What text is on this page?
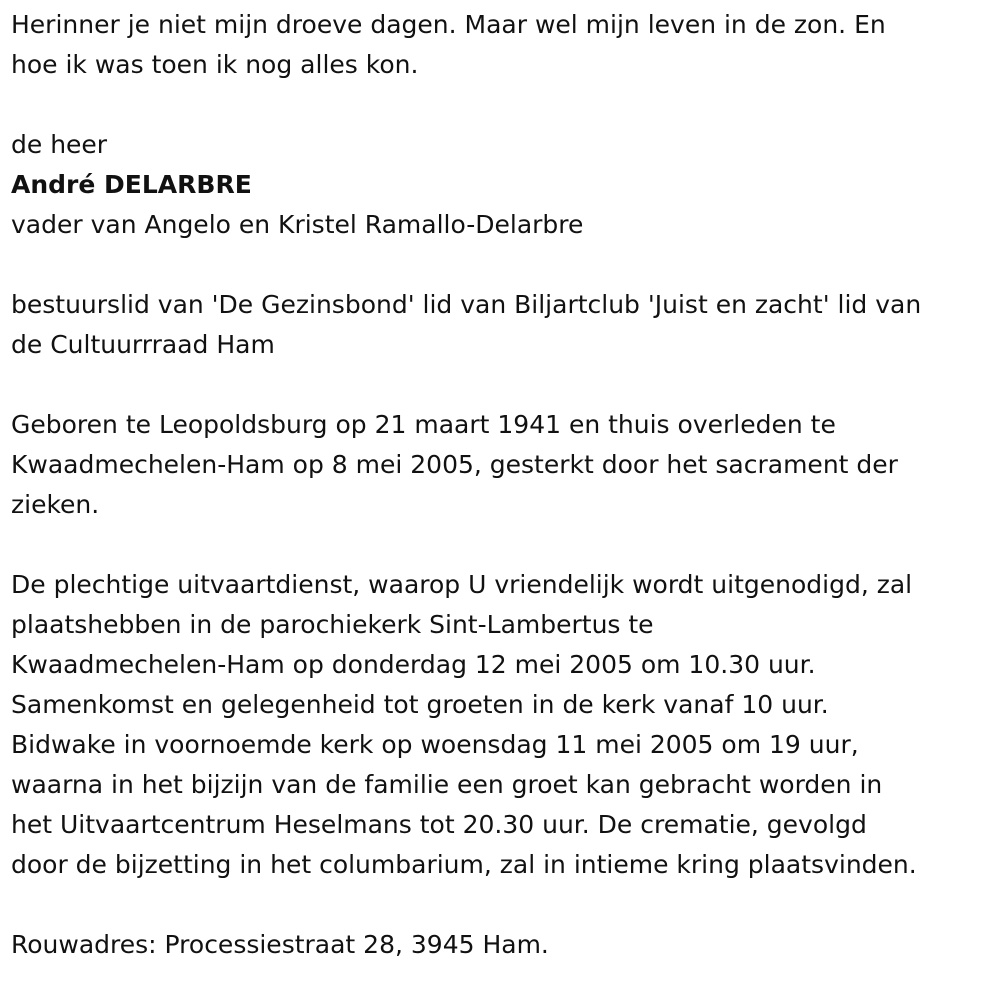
Herinner je niet mijn droeve dagen. Maar wel mijn leven in de zon. En
hoe ik was toen ik nog alles kon.

de heer

André DELARBRE

vader van Angelo en Kristel Ramallo-Delarbre

bestuurslid van 'De Gezinsbond' lid van Biljartclub 'Juist en zacht' lid van
de Cultuurrraad Ham

Geboren te Leopoldsburg op 21 maart 1941 en thuis overleden te
Kwaadmechelen-Ham op 8 mei 2005, gesterkt door het sacrament der
zieken.

De plechtige uitvaartdienst, waarop U vriendelijk wordt uitgenodigd, zal
plaatshebben in de parochiekerk Sint-Lambertus te
Kwaadmechelen-Ham op donderdag 12 mei 2005 om 10.30 uur.
Samenkomst en gelegenheid tot groeten in de kerk vanaf 10 uur.
Bidwake in voornoemde kerk op woensdag 11 mei 2005 om 19 uur,
waarna in het bijzijn van de familie een groet kan gebracht worden in
het Uitvaartcentrum Heselmans tot 20.30 uur. De crematie, gevolgd
door de bijzetting in het columbarium, zal in intieme kring plaatsvinden.

Rouwadres: Processiestraat 28, 3945 Ham.
